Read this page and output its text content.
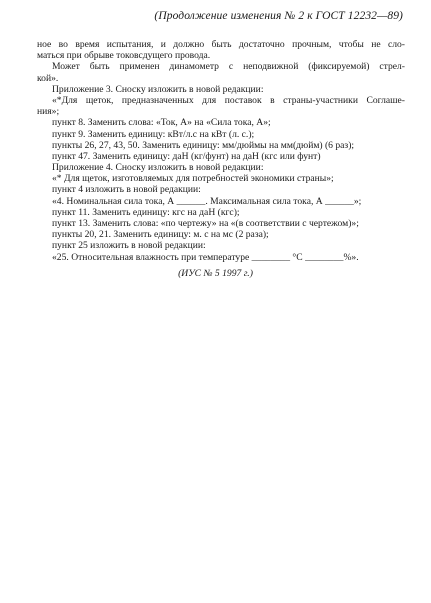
(Продолжение изменения № 2 к ГОСТ 12232—89)
ное во время испытания, и должно быть достаточно прочным, чтобы не сло-
маться при обрыве токовсдущего провода.
Может быть применен динамометр с неподвижной (фиксируемой) стрел-
кой».
Приложение 3. Сноску изложить в новой редакции:
«*Для щеток, предназначенных для поставок в страны-участники Соглаше-
ния»;
пункт 8. Заменить слова: «Ток, А» на «Сила тока, А»;
пункт 9. Заменить единицу: кВт/л.с на кВт (л. с.);
пункты 26, 27, 43, 50. Заменить единицу: мм/дюймы на мм(дюйм) (6 раз);
пункт 47. Заменить единицу: даН (кг/фунт) на даН (кгс или фунт)
Приложение 4. Сноску изложить в новой редакции:
«* Для щеток, изготовляемых для потребностей экономики страны»;
пункт 4 изложить в новой редакции:
«4. Номинальная сила тока, А ______. Максимальная сила тока, А ______»;
пункт 11. Заменить единицу: кгс на даН (кгс);
пункт 13. Заменить слова: «по чертежу» на «(в соответствии с чертежом)»;
пункты 20, 21. Заменить единицу: м. с на мс (2 раза);
пункт 25 изложить в новой редакции:
«25. Относительная влажность при температуре ________ °С ________%».
(ИУС № 5 1997 г.)
